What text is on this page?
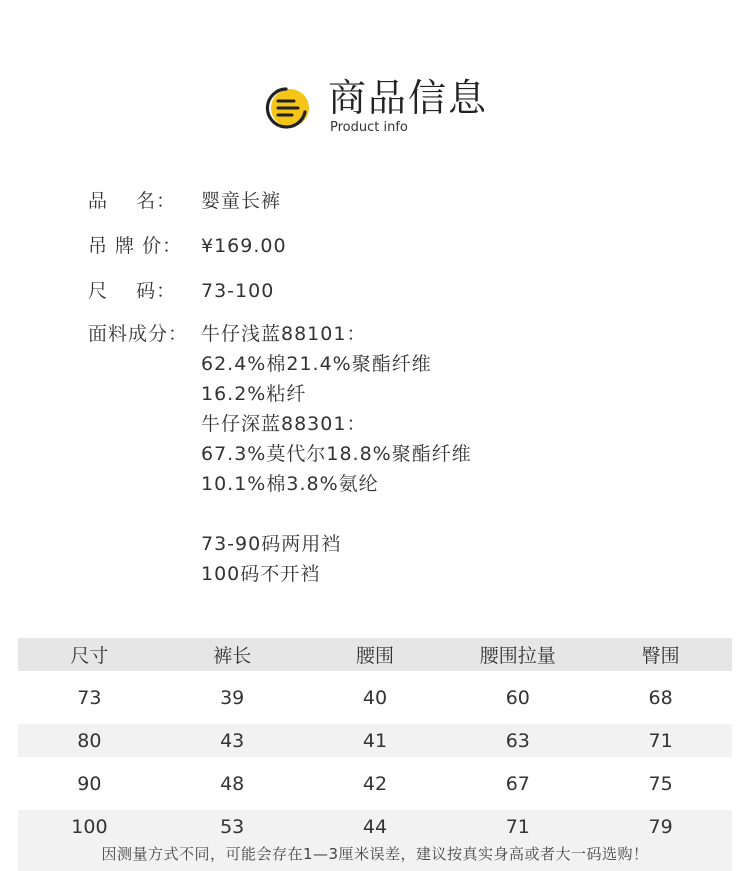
商品信息
Product info
品    名：	婴童长裤
吊 牌 价： ¥169.00
尺    码：	73-100
面料成分： 牛仔浅蓝88101：
62.4%棉21.4%聚酯纤维
16.2%粘纤
牛仔深蓝88301：
67.3%莫代尔18.8%聚酯纤维
10.1%棉3.8%氨纶
73-90码两用裆
100码不开裆
尺寸	裤长	腰围	腰围拉量	臀围
73	39	40	60	68
80	43	41	63	71
90	48	42	67	75
100	53	44	71	79
因测量方式不同，可能会存在1—3厘米误差，建议按真实身高或者大一码选购！
